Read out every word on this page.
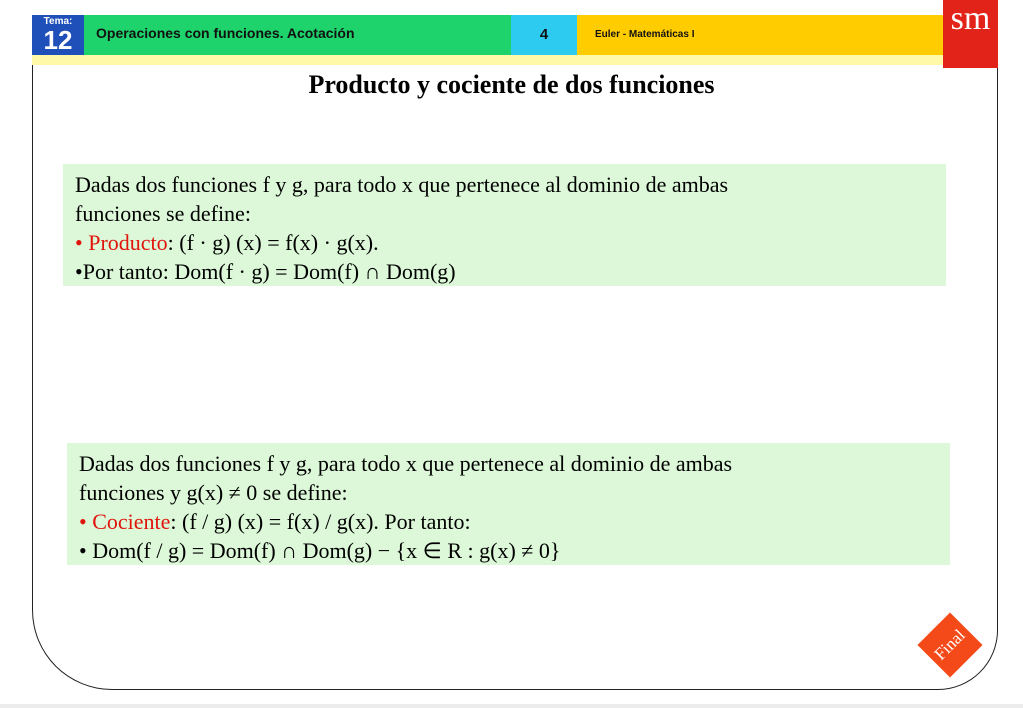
Tema:
12	Operaciones con funciones. Acotación	4	Euler - Matemáticas I	sm
Producto y cociente de dos funciones

Dadas dos funciones f y g, para todo x que pertenece al dominio de ambas

funciones se define:

• Producto: (f · g) (x) = f(x) · g(x).

•Por tanto: Dom(f · g) = Dom(f) ∩ Dom(g)

Dadas dos funciones f y g, para todo x que pertenece al dominio de ambas

funciones y g(x) ≠ 0 se define:

• Cociente: (f / g) (x) = f(x) / g(x). Por tanto:

• Dom(f / g) = Dom(f) ∩ Dom(g) − {x ∈ R : g(x) ≠ 0}

Final
